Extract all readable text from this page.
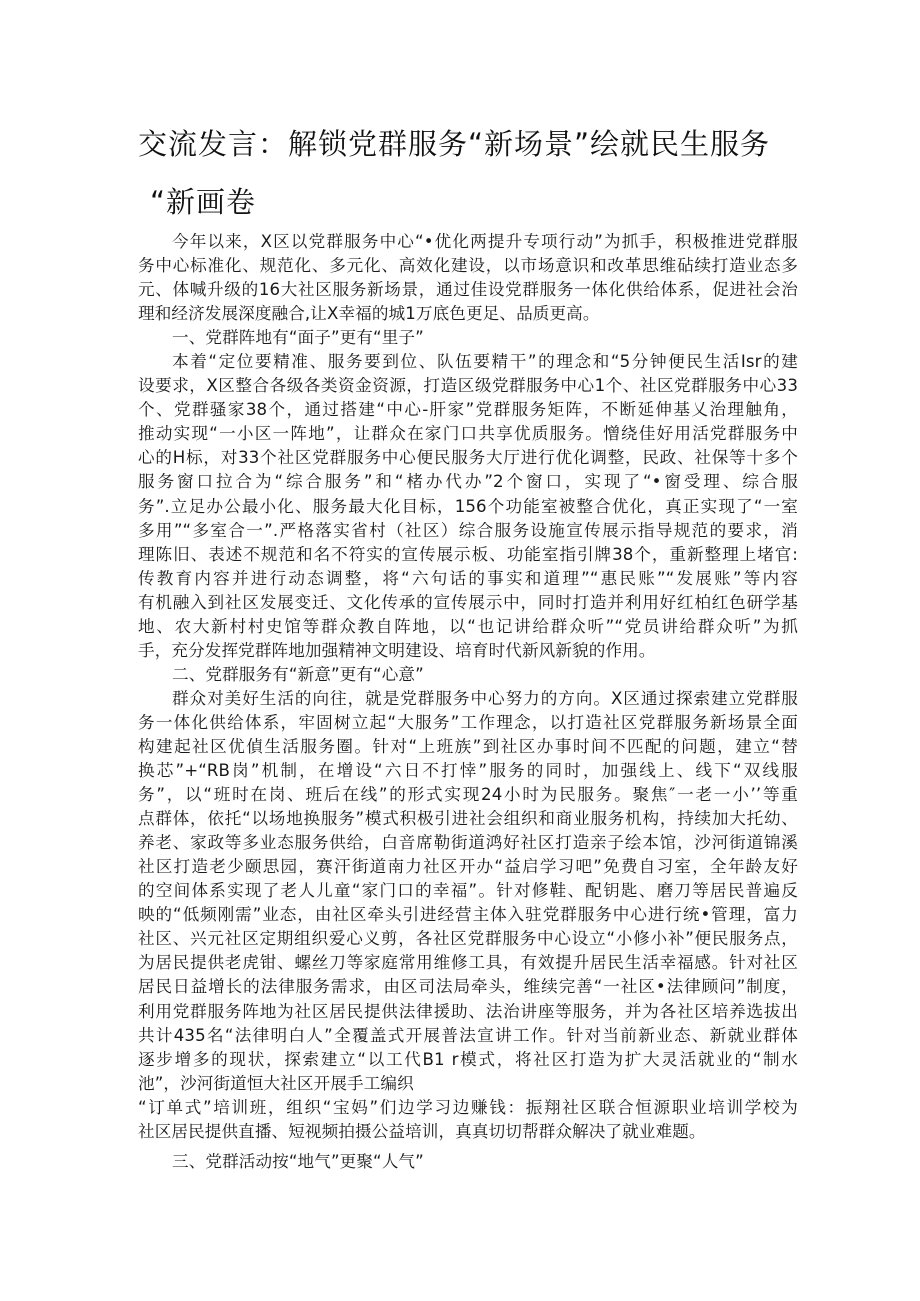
交流发言：解锁党群服务“新场景”绘就民生服务
“新画卷
今年以来，X区以党群服务中心“•优化两提升专项行动”为抓手，积极推进党群服
务中心标准化、规范化、多元化、高效化建设，以市场意识和改革思维砧续打造业态多
元、体喊升级的16大社区服务新场景，通过佳设党群服务一体化供给体系，促进社会治
理和经济发展深度融合,让X幸福的城1万底色更足、品质更高。
一、党群阵地有“面子”更有“里子”
本着“定位要精准、服务要到位、队伍要精干”的理念和“5分钟便民生活Isr的建
设要求，X区整合各级各类资金资源，打造区级党群服务中心1个、社区党群服务中心33
个、党群骚家38个，通过搭建“中心-肝家”党群服务矩阵，不断延伸基乂治理触角，
推动实现“一小区一阵地”，让群众在家门口共享优质服务。憎绕佳好用活党群服务中
心的H标，对33个社区党群服务中心便民服务大厅进行优化调整，民政、社保等十多个
服务窗口拉合为“综合服务”和“楮办代办”2个窗口，实现了“•窗受理、综合服
务”.立足办公最小化、服务最大化目标，156个功能室被整合优化，真正实现了“一室
多用”“多室合一”.严格落实省村（社区）综合服务设施宣传展示指导规范的要求，消
理陈旧、表述不规范和名不符实的宣传展示板、功能室指引牌38个，重新整理上堵官:
传教育内容并进行动态调整，将“六句话的事实和道理”“惠民账”“发展账”等内容
有机融入到社区发展变迁、文化传承的宣传展示中，同时打造并利用好红柏红色研学基
地、农大新村村史馆等群众教自阵地，以“也记讲给群众听”“党员讲给群众听”为抓
手，充分发挥党群阵地加强精神文明建设、培育时代新风新貌的作用。
二、党群服务有“新意”更有“心意”
群众对美好生活的向往，就是党群服务中心努力的方向。X区通过探索建立党群服
务一体化供给体系，牢固树立起“大服务”工作理念，以打造社区党群服务新场景全面
构建起社区优偵生活服务圈。针对“上班族”到社区办事时间不匹配的问题，建立“替
换芯”+“RB岗”机制，在增设“六日不打悻”服务的同时，加强线上、线下“双线服
务”，以“班时在岗、班后在线”的形式实现24小时为民服务。聚焦″一老一小’’等重
点群体，依托“以场地换服务”模式积极引进社会组织和商业服务机构，持续加大托幼、
养老、家政等多业态服务供给，白音席勒街道鸿好社区打造亲子绘本馆，沙河街道锦溪
社区打造老少颐思园，赛汗街道南力社区开办“益启学习吧”免费自习室，全年龄友好
的空间体系实现了老人儿童“家门口的幸福”。针对修鞋、配钥匙、磨刀等居民普遍反
映的“低频刚需”业态，由社区牵头引进经营主体入驻党群服务中心进行统•管理，富力
社区、兴元社区定期组织爱心义剪，各社区党群服务中心设立“小修小补”便民服务点，
为居民提供老虎钳、螺丝刀等家庭常用维修工具，有效提升居民生活幸福感。针对社区
居民日益增长的法律服务需求，由区司法局牵头，维续完善“一社区•法律顾问”制度，
利用党群服务阵地为社区居民提供法律援助、法治讲座等服务，并为各社区培养选拔出
共计435名“法律明白人”全覆盖式开展普法宣讲工作。针对当前新业态、新就业群体
逐步增多的现状，探索建立“以工代B1 r模式，将社区打造为扩大灵活就业的“制水
池”，沙河街道恒大社区开展手工编织
“订单式”培训班，组织“宝妈”们边学习边赚钱：振翔社区联合恒源职业培训学校为
社区居民提供直播、短视频拍摄公益培训，真真切切帮群众解决了就业难题。
三、党群活动按“地气”更聚“人气”
